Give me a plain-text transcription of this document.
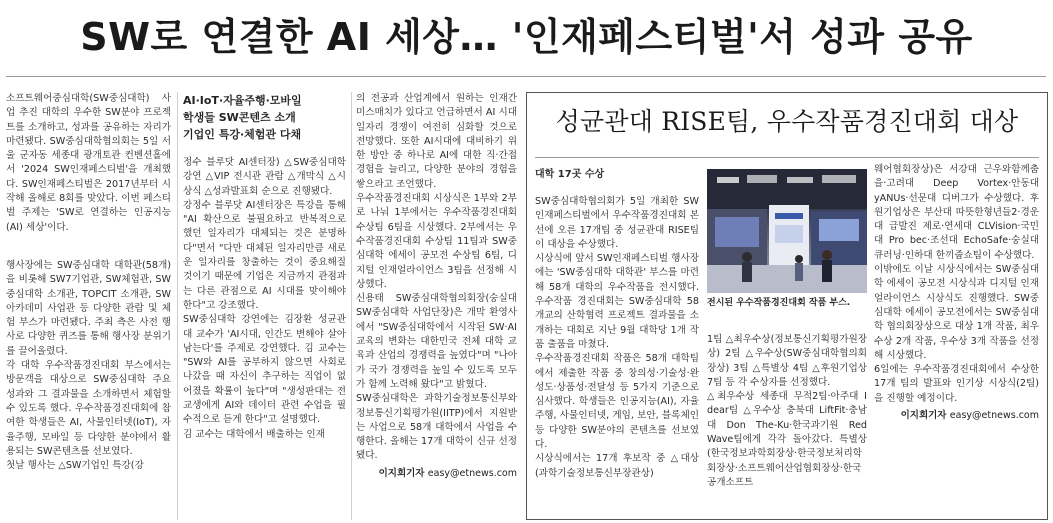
SW로 연결한 AI 세상… '인재페스티벌'서 성과 공유

소프트웨어중심대학(SW중심대학) 사업 추진 대학의 우수한 SW분야 프로젝트를 소개하고, 성과를 공유하는 자리가 마련됐다. SW중심대학협의회는 5일 서울 군자동 세종대 광개토관 컨벤션홀에서 '2024 SW인재페스티벌'을 개최했다. SW인재페스티벌은 2017년부터 시작해 올해로 8회를 맞았다. 이번 페스티벌 주제는 'SW로 연결하는 인공지능(AI) 세상'이다.

행사장에는 SW중심대학 대학관(58개)을 비롯해 SW7기업관, SW체험관, SW중심대학 소개관, TOPCIT 소개관, SW아카데미 사업관 등 다양한 관람 및 체험 부스가 마련됐다. 주최 측은 사전 행사로 다양한 퀴즈를 통해 행사장 분위기를 끌어올렸다.

각 대학 우수작품경진대회 부스에서는 방문객을 대상으로 SW중심대학 주요 성과와 그 결과물을 소개하면서 체험할 수 있도록 했다. 우수작품경진대회에 참여한 학생들은 AI, 사물인터넷(IoT), 자율주행, 모바일 등 다양한 분야에서 활용되는 SW콘텐츠를 선보였다.

첫날 행사는 △SW기업인 특강(강

AI·IoT·자율주행·모바일
학생들 SW콘텐츠 소개
기업인 특강·체험관 다채

정수 블루닷 AI센터장) △SW중심대학 강연 △VIP 전시관 관람 △개막식 △시상식 △성과발표회 순으로 진행됐다.

강정수 블루닷 AI센터장은 특강을 통해 "AI 확산으로 불필요하고 반복적으로 했던 일자리가 대체되는 것은 분명하다"면서 "다만 대체된 일자리만큼 새로운 일자리를 창출하는 것이 중요해질 것이기 때문에 기업은 지금까지 관점과는 다른 관점으로 AI 시대를 맞이해야 한다"고 강조했다.

SW중심대학 강연에는 김장환 성균관대 교수가 'AI시대, 인간도 변해야 살아남는다'를 주제로 강연했다. 김 교수는 "SW와 AI를 공부하지 않으면 사회로 나갔을 때 자신이 추구하는 직업이 없어졌을 확률이 높다"며 "생성판대는 전교생에게 AI와 데이터 관련 수업을 필수적으로 듣게 한다"고 설명했다.

김 교수는 대학에서 배출하는 인재

의 전공과 산업계에서 원하는 인재간 미스매치가 있다고 언급하면서 AI 시대 일자리 경쟁이 여전히 심화할 것으로 전망했다. 또한 AI시대에 대비하기 위한 방안 중 하나로 AI에 대한 직·간접 경험을 늘리고, 다양한 분야의 경험을 쌓으라고 조언했다.

우수작품경진대회 시상식은 1부와 2부로 나눠 1부에서는 우수작품경진대회 수상팀 6팀을 시상했다. 2부에서는 우수작품경진대회 수상팀 11팀과 SW중심대학 에세이 공모전 수상팀 6팀, 디지털 인재얼라이언스 3팀을 선정해 시상했다.

신용태 SW중심대학협의회장(숭실대 SW중심대학 사업단장)은 개막 환영사에서 "SW중심대학에서 시작된 SW·AI 교육의 변화는 대한민국 전체 대학 교육과 산업의 경쟁력을 높였다"며 "나아가 국가 경쟁력을 높일 수 있도록 모두가 함께 노력해 왔다"고 밝혔다.

SW중심대학은 과학기술정보통신부와 정보통신기획평가원(IITP)에서 지원받는 사업으로 58개 대학에서 사업을 수행한다. 올해는 17개 대학이 신규 선정됐다.

이지희기자 easy@etnews.com
성균관대 RISE팀, 우수작품경진대회 대상
대학 17곳 수상

SW중심대학협의회가 5일 개최한 SW인재페스티벌에서 우수작품경진대회 본선에 오른 17개팀 중 성균관대 RISE팀이 대상을 수상했다.

시상식에 앞서 SW인재페스티벌 행사장에는 'SW중심대학 대학관' 부스를 마련해 58개 대학의 우수작품을 전시했다. 우수작품 경진대회는 SW중심대학 58개교의 산학협력 프로젝트 결과물을 소개하는 대회로 지난 9월 대학당 1개 작품 출품을 마쳤다.

우수작품경진대회 작품은 58개 대학팀에서 제출한 작품 중 창의성·기술성·완성도·상품성·전달성 등 5가지 기준으로 심사했다. 학생들은 인공지능(AI), 자율주행, 사물인터넷, 게임, 보안, 블록체인 등 다양한 SW분야의 콘텐츠를 선보였다.

시상식에서는 17개 후보작 중 △대상(과학기술정보통신부장관상)

전시된 우수작품경진대회 작품 부스.

1팀 △최우수상(정보통신기획평가원장상) 2팀 △우수상(SW중심대학협의회장상) 3팀 △특별상 4팀 △후원기업상 7팀 등 각 수상자를 선정했다.

△최우수상 세종대 무적2팀·아주대 I dear팀 △우수상 충북대 LiftFit·충남대 Don The-Ku·한국과기원 Red Wave팀에게 각각 돌아갔다. 특별상(한국정보과학회장상·한국정보처리학회장상·소프트웨어산업협회장상·한국공개소프트

웨어협회장상)은 서강대 근우와함께춤을·고려대 Deep Vortex·안동대 yANUs·선문대 디버그가 수상했다. 후원기업상은 부산대 따뜻한형년들2·경운대 급발진 제로·연세대 CLVision·국민대 Pro bec·조선대 EchoSafe·숭실대 큐러닝·인하대 한끼줍쇼팀이 수상했다.

이밖에도 이날 시상식에서는 SW중심대학 에세이 공모전 시상식과 디지털 인재 얼라이언스 시상식도 진행했다. SW중심대학 에세이 공모전에서는 SW중심대학 협의회장상으로 대상 1개 작품, 최우수상 2개 작품, 우수상 3개 작품을 선정해 시상했다.

6일에는 우수작품경진대회에서 수상한 17개 팀의 발표와 인기상 시상식(2팀)을 진행할 예정이다.

이지희기자 easy@etnews.com
